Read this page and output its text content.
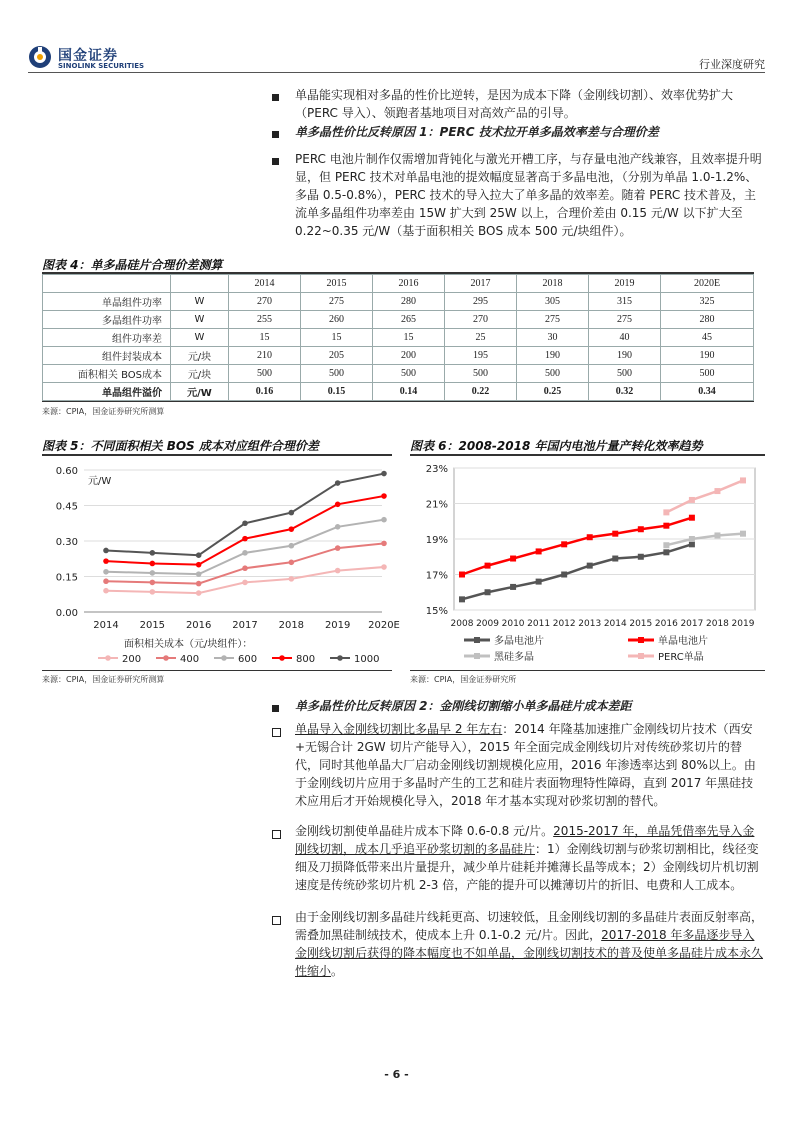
国金证券
SINOLINK SECURITIES	行业深度研究
单晶能实现相对多晶的性价比逆转，是因为成本下降（金刚线切割）、效率优势扩大（PERC 导入）、领跑者基地项目对高效产品的引导。
单多晶性价比反转原因 1：PERC 技术拉开单多晶效率差与合理价差
PERC 电池片制作仅需增加背钝化与激光开槽工序，与存量电池产线兼容，且效率提升明显，但 PERC 技术对单晶电池的提效幅度显著高于多晶电池，（分别为单晶 1.0-1.2%、多晶 0.5-0.8%），PERC 技术的导入拉大了单多晶的效率差。随着 PERC 技术普及，主流单多晶组件功率差由 15W 扩大到 25W 以上，合理价差由 0.15 元/W 以下扩大至 0.22~0.35 元/W（基于面积相关 BOS 成本 500 元/块组件）。
图表 4：单多晶硅片合理价差测算
		2014	2015	2016	2017	2018	2019	2020E
单晶组件功率	W	270	275	280	295	305	315	325
多晶组件功率	W	255	260	265	270	275	275	280
组件功率差	W	15	15	15	25	30	40	45
组件封装成本	元/块	210	205	200	195	190	190	190
面积相关 BOS成本	元/块	500	500	500	500	500	500	500
单晶组件溢价	元/W	0.16	0.15	0.14	0.22	0.25	0.32	0.34
来源：CPIA，国金证券研究所测算
图表 5：不同面积相关 BOS 成本对应组件合理价差
0.60
0.45
0.30
0.15
0.00
元/W
2014 2015 2016 2017 2018 2019 2020E
面积相关成本（元/块组件）：
200	400	600	800	1000
来源：CPIA，国金证券研究所测算
图表 6：2008-2018 年国内电池片量产转化效率趋势
23%
21%
19%
17%
15%
2008 2009 2010 2011 2012 2013 2014 2015 2016 2017 2018 2019
多晶电池片	单晶电池片
黑硅多晶	PERC单晶
来源：CPIA，国金证券研究所
单多晶性价比反转原因 2：金刚线切割缩小单多晶硅片成本差距
单晶导入金刚线切割比多晶早 2 年左右：2014 年隆基加速推广金刚线切片技术（西安+无锡合计 2GW 切片产能导入），2015 年全面完成金刚线切片对传统砂浆切片的替代，同时其他单晶大厂启动金刚线切割规模化应用，2016 年渗透率达到 80%以上。由于金刚线切片应用于多晶时产生的工艺和硅片表面物理特性障碍，直到 2017 年黑硅技术应用后才开始规模化导入，2018 年才基本实现对砂浆切割的替代。
金刚线切割使单晶硅片成本下降 0.6-0.8 元/片。2015-2017 年，单晶凭借率先导入金刚线切割，成本几乎追平砂浆切割的多晶硅片：1）金刚线切割与砂浆切割相比，线径变细及刀损降低带来出片量提升，减少单片硅耗并摊薄长晶等成本；2）金刚线切片机切割速度是传统砂浆切片机 2-3 倍，产能的提升可以摊薄切片的折旧、电费和人工成本。
由于金刚线切割多晶硅片线耗更高、切速较低，且金刚线切割的多晶硅片表面反射率高，需叠加黑硅制绒技术，使成本上升 0.1-0.2 元/片。因此，2017-2018 年多晶逐步导入金刚线切割后获得的降本幅度也不如单晶，金刚线切割技术的普及使单多晶硅片成本永久性缩小。
- 6 -
